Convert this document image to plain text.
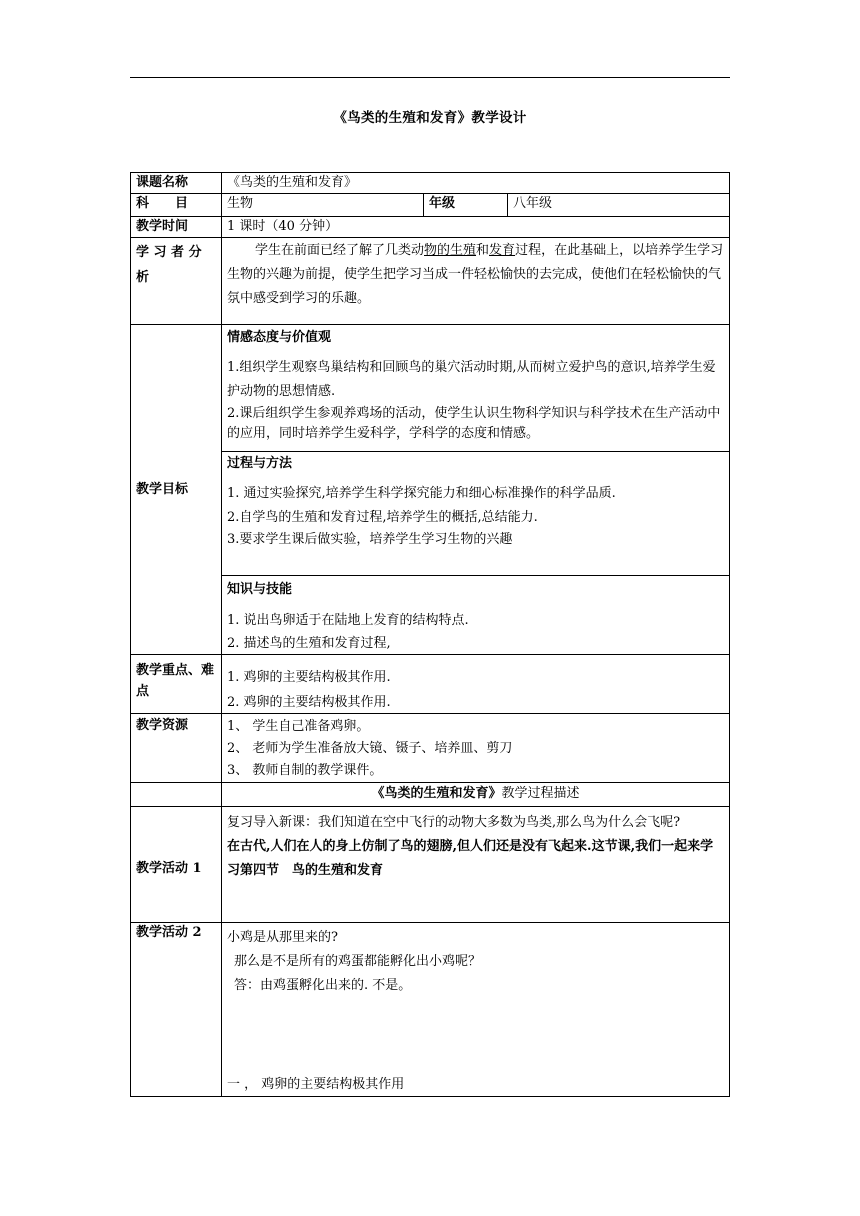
《鸟类的生殖和发育》教学设计
课题名称	《鸟类的生殖和发育》		
科　　目	生物	年级	八年级
教学时间	1 课时（40 分钟）		
学 习 者 分 析	学生在前面已经了解了几类动物的生殖和发育过程，在此基础上，以培养学生学习生物的兴趣为前提，使学生把学习当成一件轻松愉快的去完成，使他们在轻松愉快的气氛中感受到学习的乐趣。		

教学目标	情感态度与价值观

1.组织学生观察鸟巢结构和回顾鸟的巢穴活动时期,从而树立爱护鸟的意识,培养学生爱护动物的思想情感.

2.课后组织学生参观养鸡场的活动，使学生认识生物科学知识与科学技术在生产活动中的应用，同时培养学生爱科学，学科学的态度和情感。		

	过程与方法

1. 通过实验探究,培养学生科学探究能力和细心标准操作的科学品质.

2.自学鸟的生殖和发育过程,培养学生的概括,总结能力.

3.要求学生课后做实验，培养学生学习生物的兴趣		

	知识与技能

1. 说出鸟卵适于在陆地上发育的结构特点.

2. 描述鸟的生殖和发育过程,		

教学重点、难点	1. 鸡卵的主要结构极其作用.

2. 鸡卵的主要结构极其作用.		

教学资源	1、 学生自己准备鸡卵。

2、 老师为学生准备放大镜、镊子、培养皿、剪刀

3、 教师自制的教学课件。		

	《鸟类的生殖和发育》教学过程描述		
教学活动 1	复习导入新课：我们知道在空中飞行的动物大多数为鸟类,那么鸟为什么会飞呢?

在古代,人们在人的身上仿制了鸟的翅膀,但人们还是没有飞起来.这节课,我们一起来学习第四节　鸟的生殖和发育		

教学活动 2	小鸡是从那里来的?

那么是不是所有的鸡蛋都能孵化出小鸡呢？

答：由鸡蛋孵化出来的. 不是。

一 ， 鸡卵的主要结构极其作用		
